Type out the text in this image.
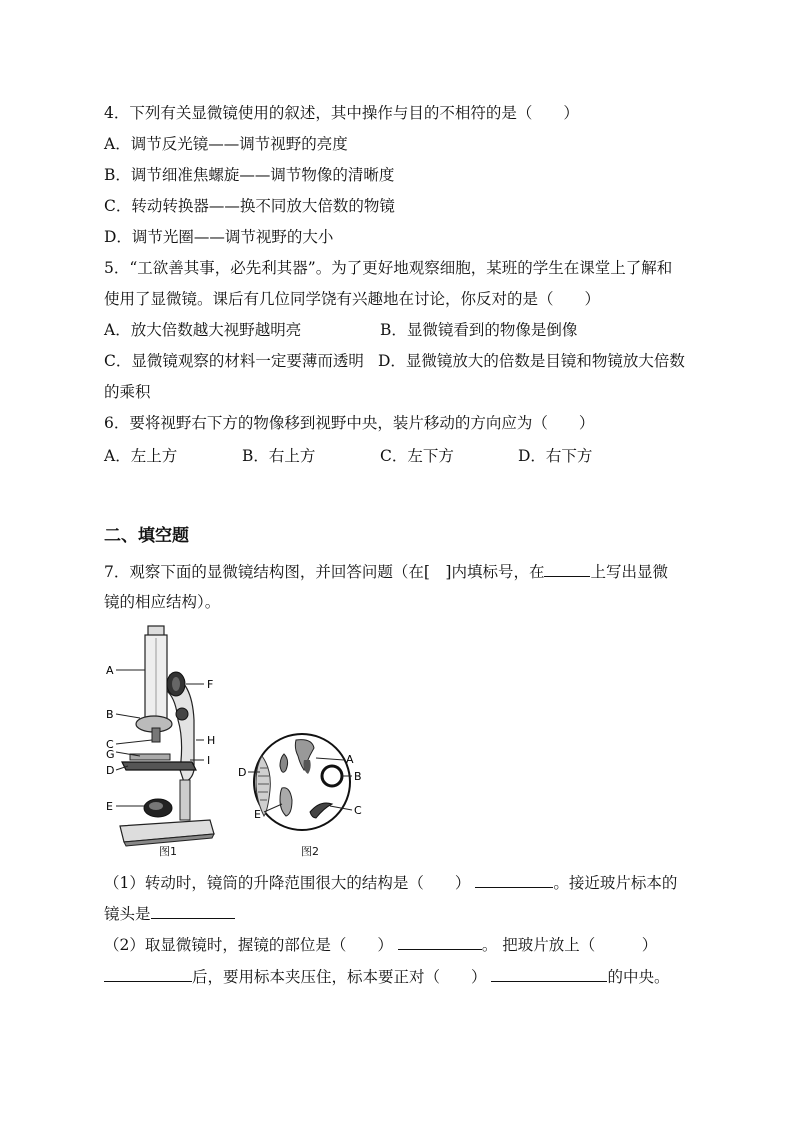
4．下列有关显微镜使用的叙述，其中操作与目的不相符的是（　　）
A．调节反光镜——调节视野的亮度
B．调节细准焦螺旋——调节物像的清晰度
C．转动转换器——换不同放大倍数的物镜
D．调节光圈——调节视野的大小
5．“工欲善其事，必先利其器”。为了更好地观察细胞，某班的学生在课堂上了解和
使用了显微镜。课后有几位同学饶有兴趣地在讨论，你反对的是（　　）
A．放大倍数越大视野越明亮	B．显微镜看到的物像是倒像
C．显微镜观察的材料一定要薄而透明 D．显微镜放大的倍数是目镜和物镜放大倍数
的乘积
6．要将视野右下方的物像移到视野中央，装片移动的方向应为（　　）
A．左上方	B．右上方	C．左下方	D．右下方
二、填空题
7．观察下面的显微镜结构图，并回答问题（在[　]内填标号，在	上写出显微
镜的相应结构）。
A
F
B
H
C
G	I
D
E
图1
A
B
C
D
E
图2
（1）转动时，镜筒的升降范围很大的结构是（　　）	。接近玻片标本的
镜头是
（2）取显微镜时，握镜的部位是（　　）	。 把玻片放上（　　　）
后，要用标本夹压住，标本要正对（　　）	的中央。
